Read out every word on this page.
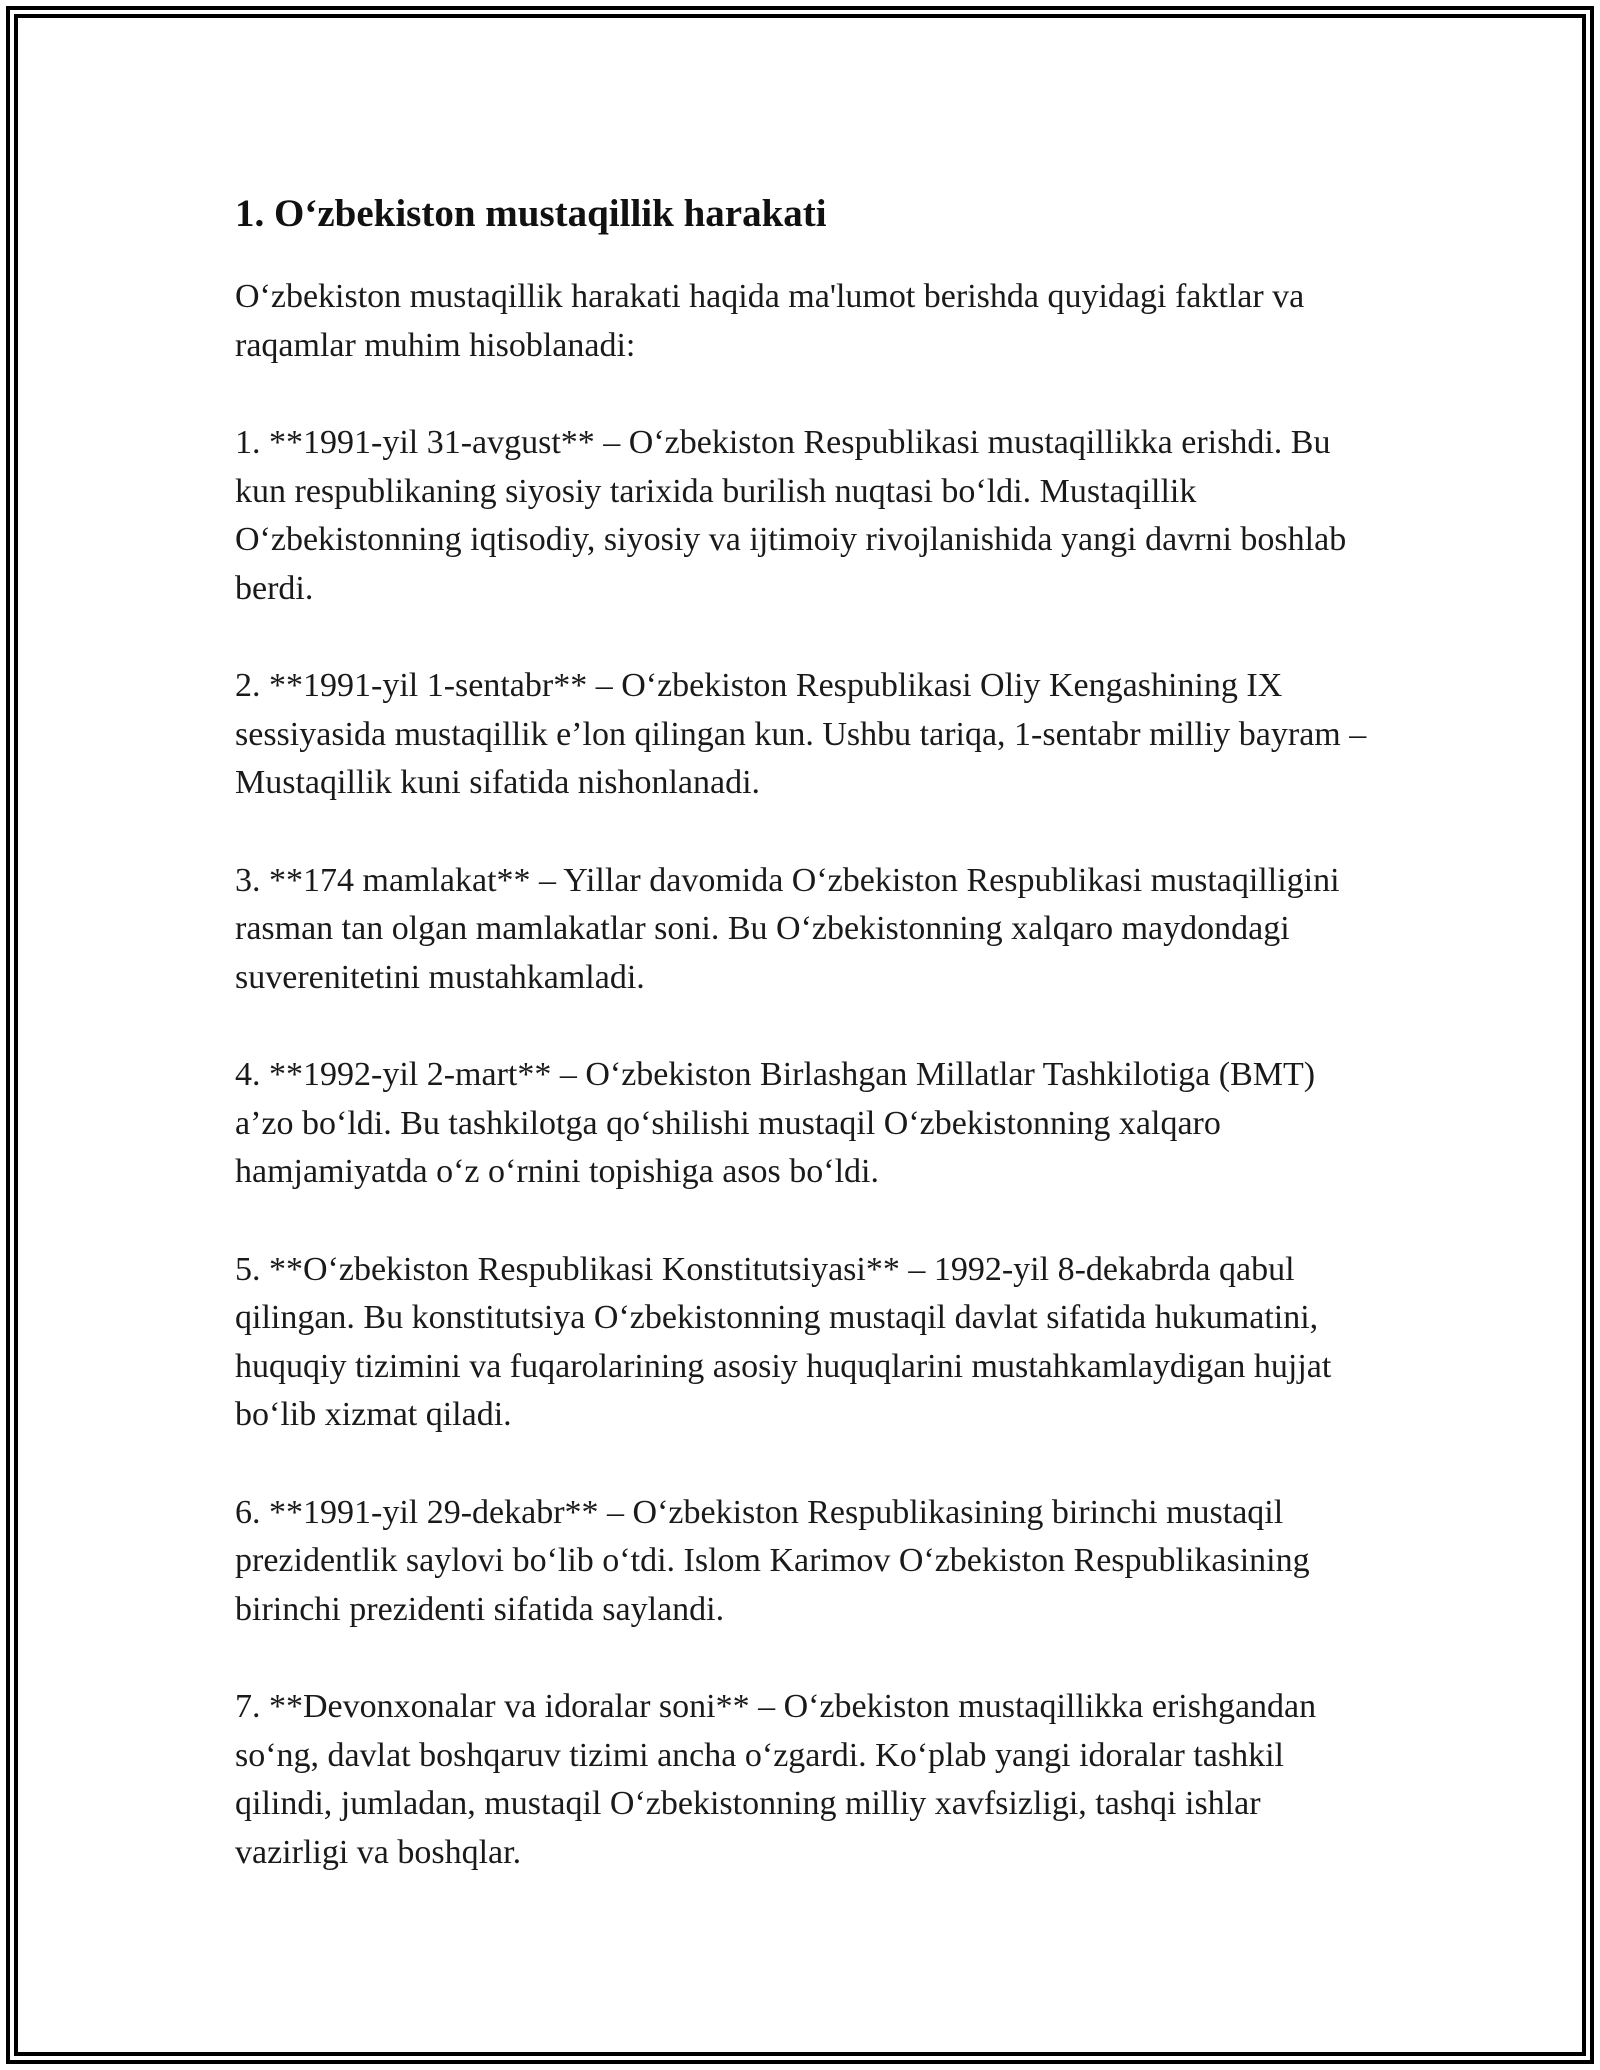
1. O‘zbekiston mustaqillik harakati

O‘zbekiston mustaqillik harakati haqida ma'lumot berishda quyidagi faktlar va raqamlar muhim hisoblanadi:

1. **1991-yil 31-avgust** – O‘zbekiston Respublikasi mustaqillikka erishdi. Bu kun respublikaning siyosiy tarixida burilish nuqtasi bo‘ldi. Mustaqillik O‘zbekistonning iqtisodiy, siyosiy va ijtimoiy rivojlanishida yangi davrni boshlab berdi.

2. **1991-yil 1-sentabr** – O‘zbekiston Respublikasi Oliy Kengashining IX sessiyasida mustaqillik e’lon qilingan kun. Ushbu tariqa, 1-sentabr milliy bayram – Mustaqillik kuni sifatida nishonlanadi.

3. **174 mamlakat** – Yillar davomida O‘zbekiston Respublikasi mustaqilligini rasman tan olgan mamlakatlar soni. Bu O‘zbekistonning xalqaro maydondagi suverenitetini mustahkamladi.

4. **1992-yil 2-mart** – O‘zbekiston Birlashgan Millatlar Tashkilotiga (BMT) a’zo bo‘ldi. Bu tashkilotga qo‘shilishi mustaqil O‘zbekistonning xalqaro hamjamiyatda o‘z o‘rnini topishiga asos bo‘ldi.

5. **O‘zbekiston Respublikasi Konstitutsiyasi** – 1992-yil 8-dekabrda qabul qilingan. Bu konstitutsiya O‘zbekistonning mustaqil davlat sifatida hukumatini, huquqiy tizimini va fuqarolarining asosiy huquqlarini mustahkamlaydigan hujjat bo‘lib xizmat qiladi.

6. **1991-yil 29-dekabr** – O‘zbekiston Respublikasining birinchi mustaqil prezidentlik saylovi bo‘lib o‘tdi. Islom Karimov O‘zbekiston Respublikasining birinchi prezidenti sifatida saylandi.

7. **Devonxonalar va idoralar soni** – O‘zbekiston mustaqillikka erishgandan so‘ng, davlat boshqaruv tizimi ancha o‘zgardi. Ko‘plab yangi idoralar tashkil qilindi, jumladan, mustaqil O‘zbekistonning milliy xavfsizligi, tashqi ishlar vazirligi va boshqlar.
